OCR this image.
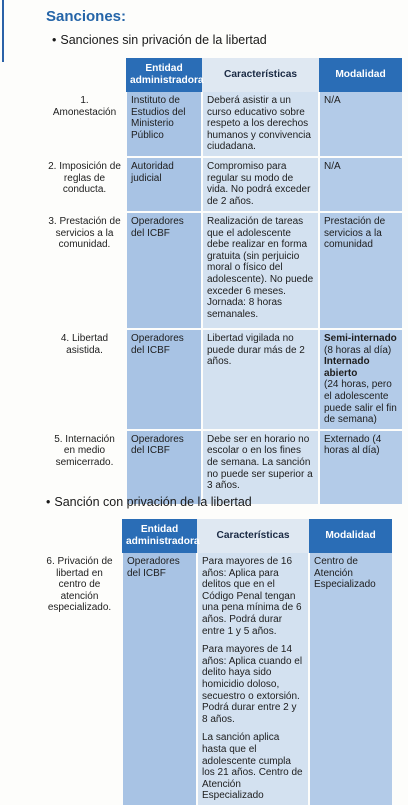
Sanciones:
• Sanciones sin privación de la libertad
	Entidad administradora	Características	Modalidad
1. Amonestación	Instituto de Estudios del Ministerio Público	Deberá asistir a un curso educativo sobre respeto a los derechos humanos y convivencia ciudadana.	N/A
2. Imposición de reglas de conducta.	Autoridad judicial	Compromiso para regular su modo de vida. No podrá exceder de 2 años.	N/A
3. Prestación de servicios a la comunidad.	Operadores del ICBF	Realización de tareas que el adolescente debe realizar en forma gratuita (sin perjuicio moral o físico del adolescente). No puede exceder 6 meses. Jornada: 8 horas semanales.	Prestación de servicios a la comunidad
4. Libertad asistida.	Operadores del ICBF	Libertad vigilada no puede durar más de 2 años.	Semi-internado
(8 horas al día)
Internado abierto
(24 horas, pero el adolescente puede salir el fin de semana)

5. Internación en medio semicerrado.	Operadores del ICBF	Debe ser en horario no escolar o en los fines de semana. La sanción no puede ser superior a 3 años.	Externado (4 horas al día)
• Sanción con privación de la libertad
	Entidad administradora	Características	Modalidad
6. Privación de libertad en centro de atención especializado.	Operadores del ICBF	Para mayores de 16 años: Aplica para delitos que en el Código Penal tengan una pena mínima de 6 años. Podrá durar entre 1 y 5 años.

Para mayores de 14 años: Aplica cuando el delito haya sido homicidio doloso, secuestro o extorsión. Podrá durar entre 2 y 8 años.

La sanción aplica hasta que el adolescente cumpla los 21 años. Centro de Atención Especializado	Centro de Atención Especializado
